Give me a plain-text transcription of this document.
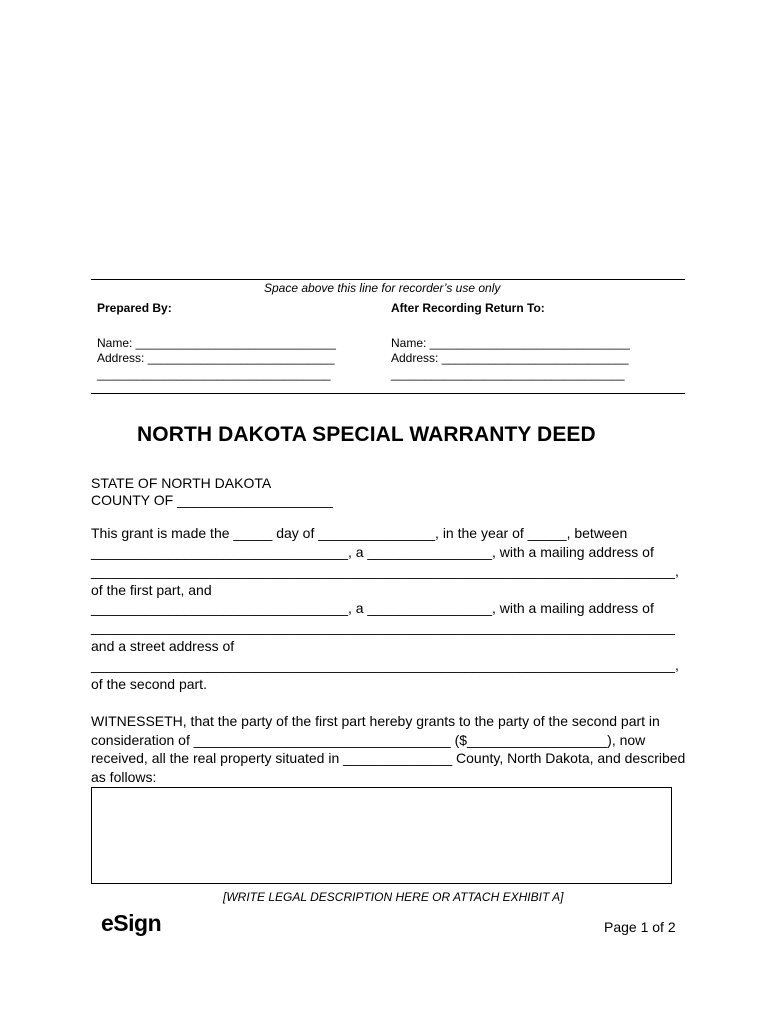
Space above this line for recorder’s use only
Prepared By:
Name: ______________________________
Address: ____________________________
___________________________________
After Recording Return To:
Name: ______________________________
Address: ____________________________
___________________________________
NORTH DAKOTA SPECIAL WARRANTY DEED
STATE OF NORTH DAKOTA
COUNTY OF ____________________
This grant is made the _____ day of _______________, in the year of _____, between
_________________________________, a ________________, with a mailing address of
___________________________________________________________________________,
of the first part, and
_________________________________, a ________________, with a mailing address of
___________________________________________________________________________
and a street address of
___________________________________________________________________________,
of the second part.
WITNESSETH, that the party of the first part hereby grants to the party of the second part in
consideration of _________________________________ ($__________________), now
received, all the real property situated in ______________ County, North Dakota, and described
as follows:
[WRITE LEGAL DESCRIPTION HERE OR ATTACH EXHIBIT A]
eSign	Page 1 of 2
